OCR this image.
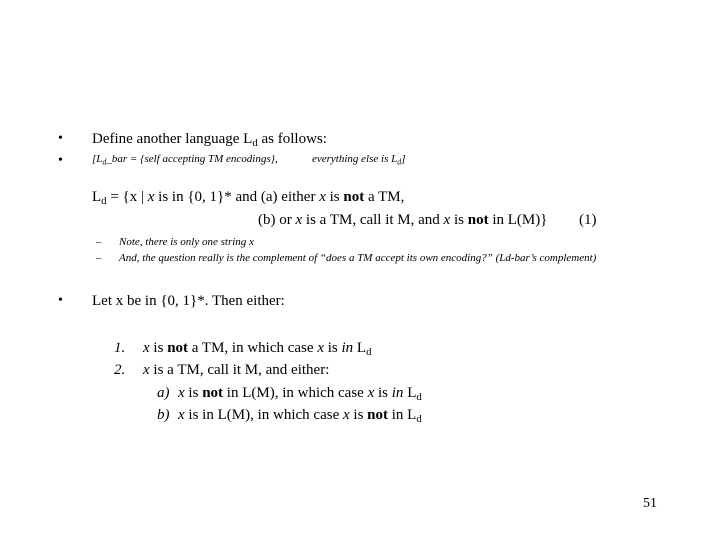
• Define another language $L_d$ as follows:
•	[$L_d\_bar$ = {self accepting TM encodings},	everything else is $L_d$]
$L_d = \{x$ | x is in {0, 1}* and (a) either x is not a TM,
(b) or x is a TM, call it M, and x is not in L(M)} (1)
– Note, there is only one string x
– And, the question really is the complement of “does a TM accept its own encoding?” (Ld-bar’s complement)
• Let x be in {0, 1}*. Then either:
1. x is not a TM, in which case x is in $L_d$
2. x is a TM, call it M, and either:
a) x is not in L(M), in which case x is in $L_d$
b) x is in L(M), in which case x is not in $L_d$
51
